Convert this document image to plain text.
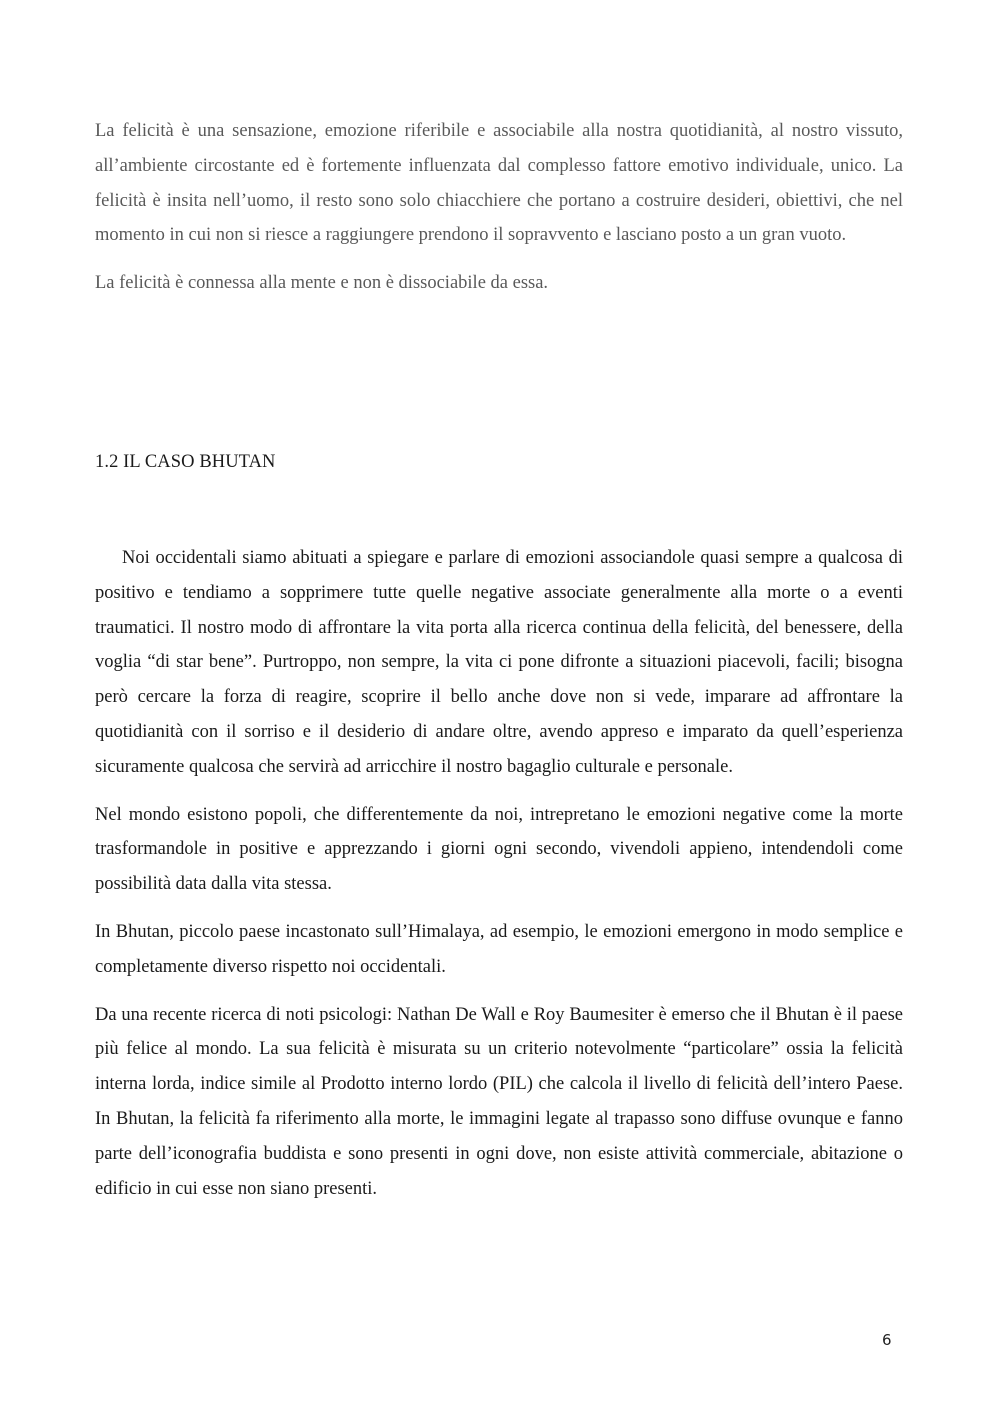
La felicità è una sensazione, emozione riferibile e associabile alla nostra quotidianità, al nostro vissuto, all’ambiente circostante ed è fortemente influenzata dal complesso fattore emotivo individuale, unico. La felicità è insita nell’uomo, il resto sono solo chiacchiere che portano a costruire desideri, obiettivi, che nel momento in cui non si riesce a raggiungere prendono il sopravvento e lasciano posto a un gran vuoto.

La felicità è connessa alla mente e non è dissociabile da essa.

1.2 IL CASO BHUTAN

Noi occidentali siamo abituati a spiegare e parlare di emozioni associandole quasi sempre a qualcosa di positivo e tendiamo a sopprimere tutte quelle negative associate generalmente alla morte o a eventi traumatici. Il nostro modo di affrontare la vita porta alla ricerca continua della felicità, del benessere, della voglia “di star bene”. Purtroppo, non sempre, la vita ci pone difronte a situazioni piacevoli, facili; bisogna però cercare la forza di reagire, scoprire il bello anche dove non si vede, imparare ad affrontare la quotidianità con il sorriso e il desiderio di andare oltre, avendo appreso e imparato da quell’esperienza sicuramente qualcosa che servirà ad arricchire il nostro bagaglio culturale e personale.

Nel mondo esistono popoli, che differentemente da noi, intrepretano le emozioni negative come la morte trasformandole in positive e apprezzando i giorni ogni secondo, vivendoli appieno, intendendoli come possibilità data dalla vita stessa.

In Bhutan, piccolo paese incastonato sull’Himalaya, ad esempio, le emozioni emergono in modo semplice e completamente diverso rispetto noi occidentali.

Da una recente ricerca di noti psicologi: Nathan De Wall e Roy Baumesiter è emerso che il Bhutan è il paese più felice al mondo. La sua felicità è misurata su un criterio notevolmente “particolare” ossia la felicità interna lorda, indice simile al Prodotto interno lordo (PIL) che calcola il livello di felicità dell’intero Paese. In Bhutan, la felicità fa riferimento alla morte, le immagini legate al trapasso sono diffuse ovunque e fanno parte dell’iconografia buddista e sono presenti in ogni dove, non esiste attività commerciale, abitazione o edificio in cui esse non siano presenti.

6
